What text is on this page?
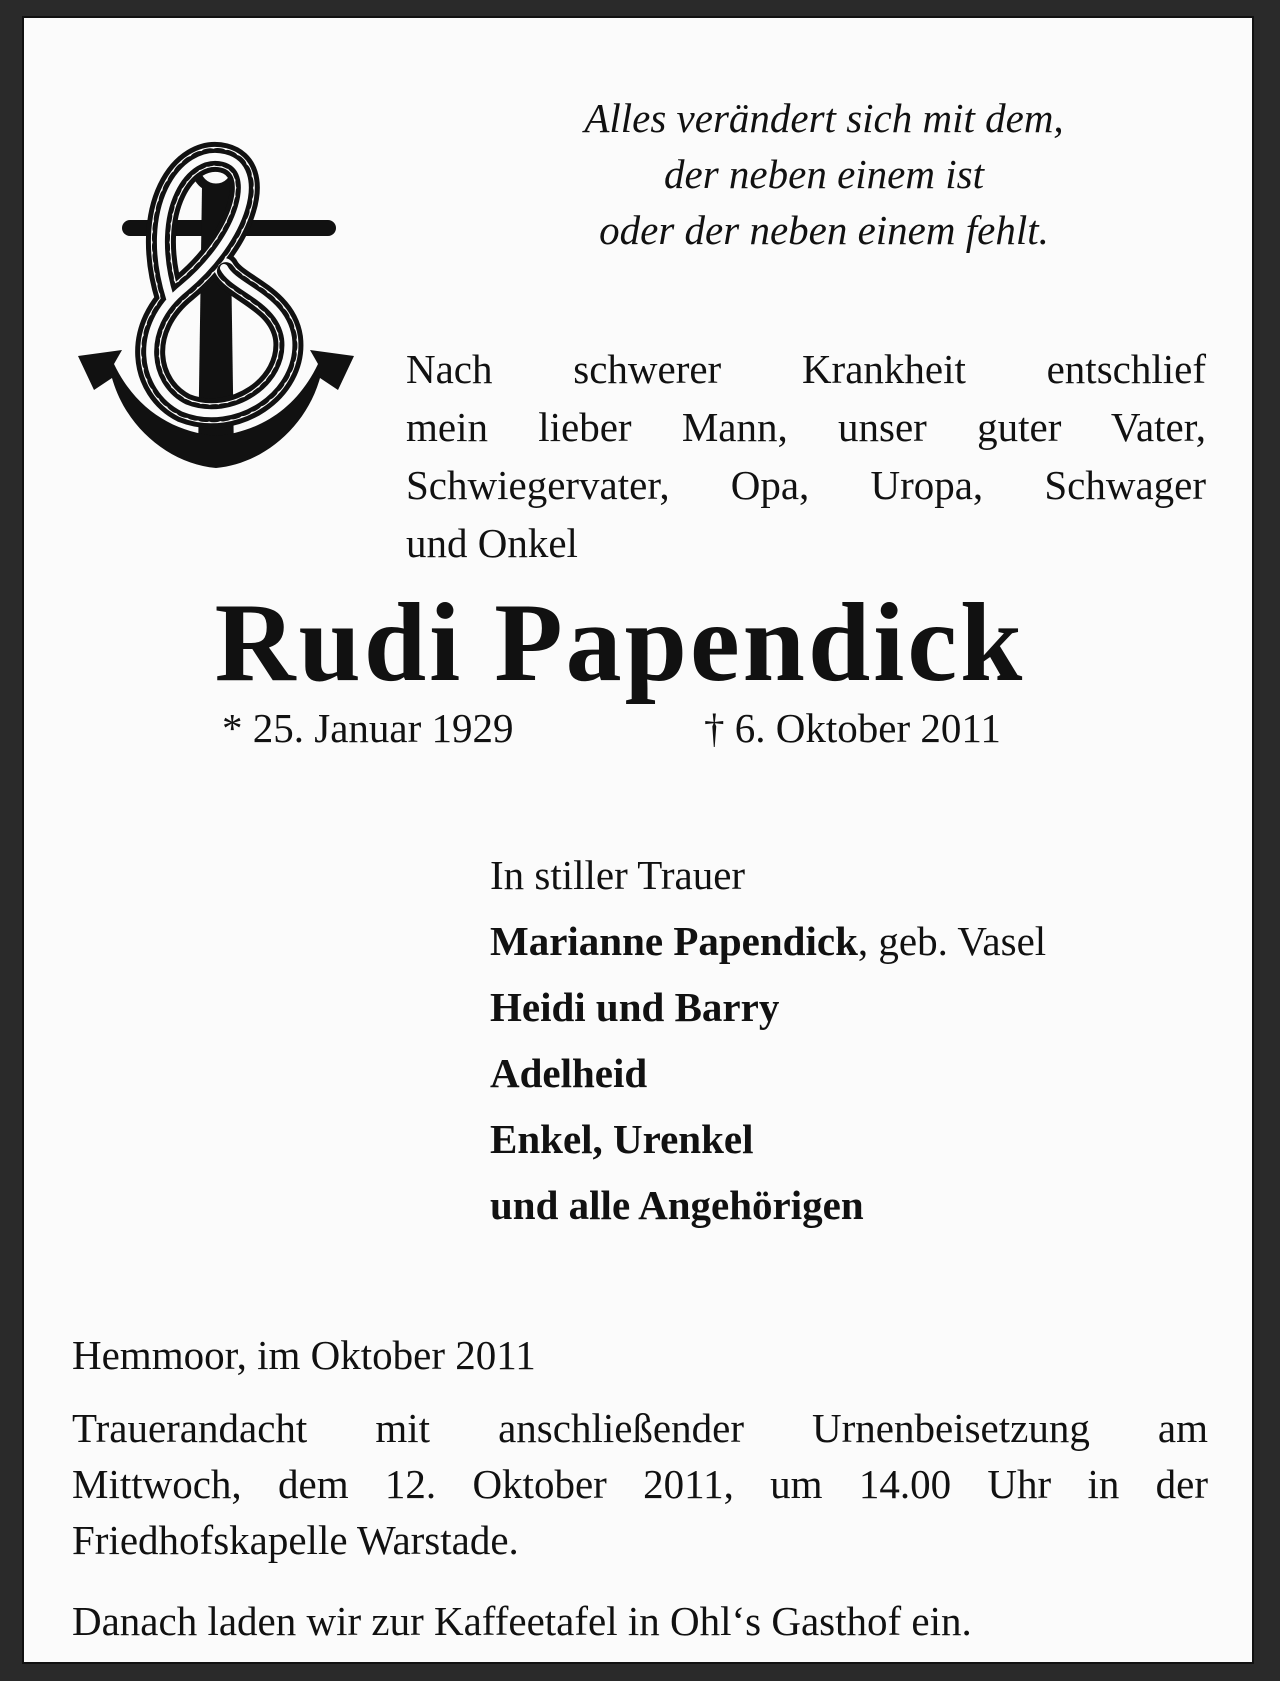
Alles verändert sich mit dem,
der neben einem ist
oder der neben einem fehlt.
Nach schwerer Krankheit entschlief
mein lieber Mann, unser guter Vater,
Schwiegervater, Opa, Uropa, Schwager
und Onkel
Rudi Papendick
* 25. Januar 1929	† 6. Oktober 2011
In stiller Trauer
Marianne Papendick, geb. Vasel
Heidi und Barry
Adelheid
Enkel, Urenkel
und alle Angehörigen
Hemmoor, im Oktober 2011
Trauerandacht mit anschließender Urnenbeisetzung am
Mittwoch, dem 12. Oktober 2011, um 14.00 Uhr in der
Friedhofskapelle Warstade.
Danach laden wir zur Kaffeetafel in Ohl‘s Gasthof ein.
